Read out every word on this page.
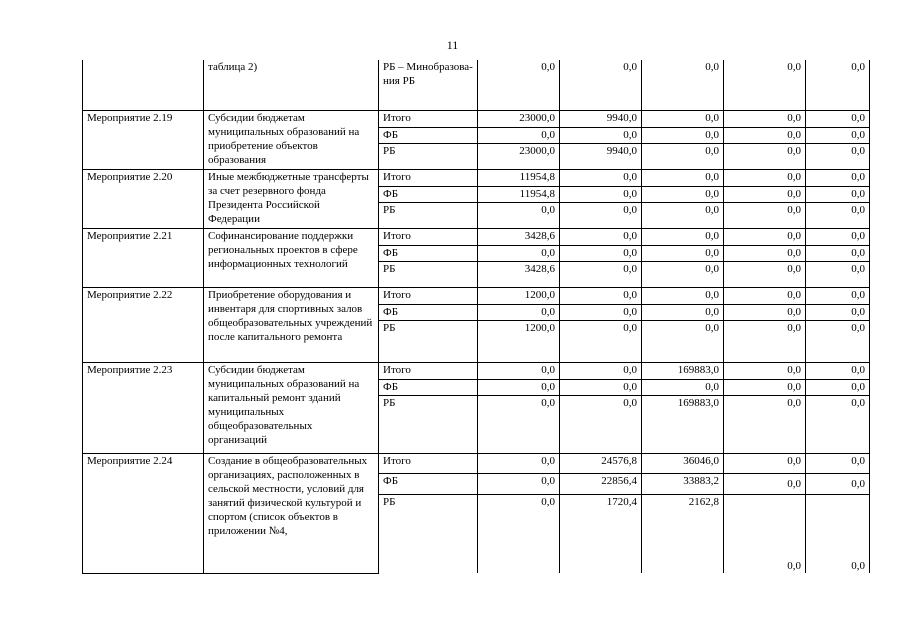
11
	таблица 2)	РБ – Минобразова-ния РБ	0,0	0,0	0,0	0,0	0,0
Мероприятие 2.19	Субсидии бюджетам муниципальных образований на приобретение объектов образования	Итого	23000,0	9940,0	0,0	0,0	0,0
		ФБ	0,0	0,0	0,0	0,0	0,0
		РБ	23000,0	9940,0	0,0	0,0	0,0
Мероприятие 2.20	Иные межбюджетные трансферты за счет резервного фонда Президента Российской Федерации	Итого	11954,8	0,0	0,0	0,0	0,0
		ФБ	11954,8	0,0	0,0	0,0	0,0
		РБ	0,0	0,0	0,0	0,0	0,0
Мероприятие 2.21	Софинансирование поддержки региональных проектов в сфере информационных технологий	Итого	3428,6	0,0	0,0	0,0	0,0
		ФБ	0,0	0,0	0,0	0,0	0,0
		РБ	3428,6	0,0	0,0	0,0	0,0
Мероприятие 2.22	Приобретение оборудования и инвентаря для спортивных залов общеобразовательных учреждений после капитального ремонта	Итого	1200,0	0,0	0,0	0,0	0,0
		ФБ	0,0	0,0	0,0	0,0	0,0
		РБ	1200,0	0,0	0,0	0,0	0,0
Мероприятие 2.23	Субсидии бюджетам муниципальных образований на капитальный ремонт зданий муниципальных общеобразовательных организаций	Итого	0,0	0,0	169883,0	0,0	0,0
		ФБ	0,0	0,0	0,0	0,0	0,0
		РБ	0,0	0,0	169883,0	0,0	0,0
Мероприятие 2.24	Создание в общеобразовательных организациях, расположенных в сельской местности, условий для занятий физической культурой и спортом (список объектов в приложении №4,	Итого	0,0	24576,8	36046,0	0,0	0,0
		ФБ	0,0	22856,4	33883,2	0,0	0,0
		РБ	0,0	1720,4	2162,8	0,0	0,0
